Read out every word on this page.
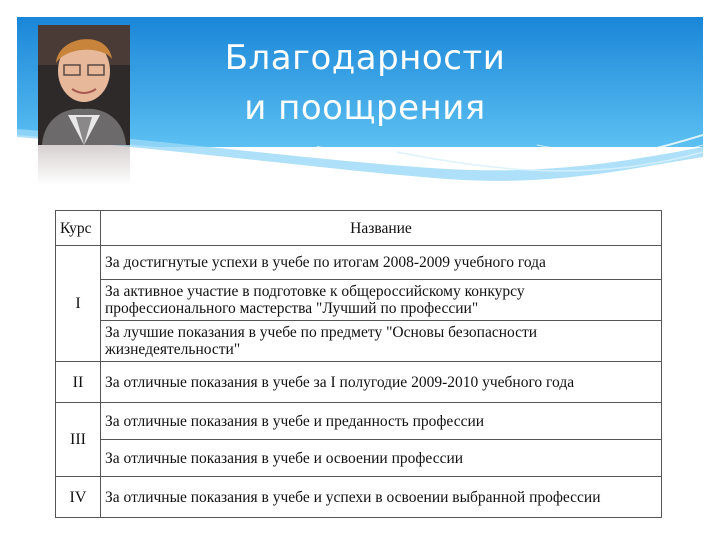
Благодарности
и поощрения
Курс	Название
I	За достигнутые успехи в учебе по итогам 2008-2009 учебного года
	За активное участие в подготовке к общероссийскому конкурсу профессионального мастерства "Лучший по профессии"
	За лучшие показания в учебе по предмету "Основы безопасности жизнедеятельности"
II	За отличные показания в учебе за I полугодие 2009-2010 учебного года
III	За отличные показания в учебе и преданность профессии
	За отличные показания в учебе и освоении профессии
IV	За отличные показания в учебе и успехи в освоении выбранной профессии
